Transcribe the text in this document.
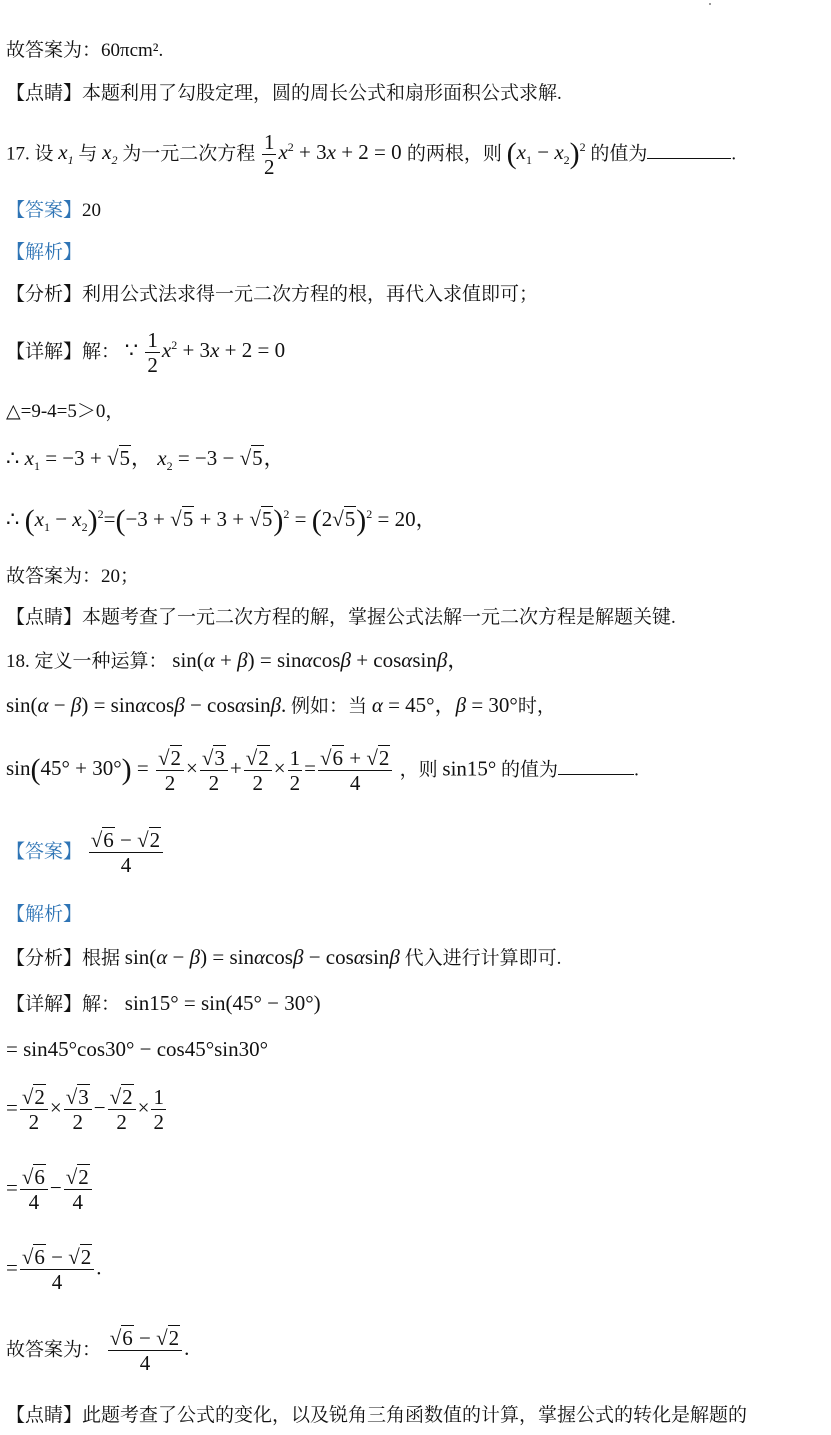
故答案为：60πcm².
【点睛】本题利用了勾股定理，圆的周长公式和扇形面积公式求解.
17. 设 $x_1$ 与 $x_2$ 为一元二次方程 $\frac{1}{2} x^2 + 3x + 2 = 0$ 的两根，则 $(x_1 - x_2)^2$ 的值为	.
【答案】20
【解析】
【分析】利用公式法求得一元二次方程的根，再代入求值即可；
【详解】解： ∵ $\frac{1}{2} x^2 + 3x + 2 = 0$
△=9-4=5＞0，
∴ $x_1 = -3 + √5$， $x_2 = -3 - √5$，
∴ $(x_1 - x_2)^2=(-3 + √5 + 3 + √5)^2 = (2√5)^2 = 20$，
故答案为：20；
【点睛】本题考查了一元二次方程的解，掌握公式法解一元二次方程是解题关键.
18. 定义一种运算： sin(α + β) = sinαcosβ + cosαsinβ，
sin(α − β) = sinαcosβ − cosαsinβ. 例如：当 α = 45°，β = 30°时，
$\sin(45^\circ + 30^\circ) = \frac{√2}{2} \times \frac{√3}{2} + \frac{√2}{2} \times \frac{1}{2} = \frac{√6 + √2}{4}$ ，则 sin15° 的值为	.
【答案】 $\frac{√6 - √2}{4}$
【解析】
【分析】根据 sin(α − β) = sinαcosβ − cosαsinβ 代入进行计算即可.
【详解】解： sin15° = sin(45° − 30°)
= sin45°cos30° − cos45°sin30°
= $\frac{√2}{2} \times \frac{√3}{2} - \frac{√2}{2} \times \frac{1}{2}$
= $\frac{√6}{4} - \frac{√2}{4}$
= $\frac{√6 - √2}{4}$ .
故答案为： $\frac{√6 - √2}{4}$ .
【点睛】此题考查了公式的变化，以及锐角三角函数值的计算，掌握公式的转化是解题的
